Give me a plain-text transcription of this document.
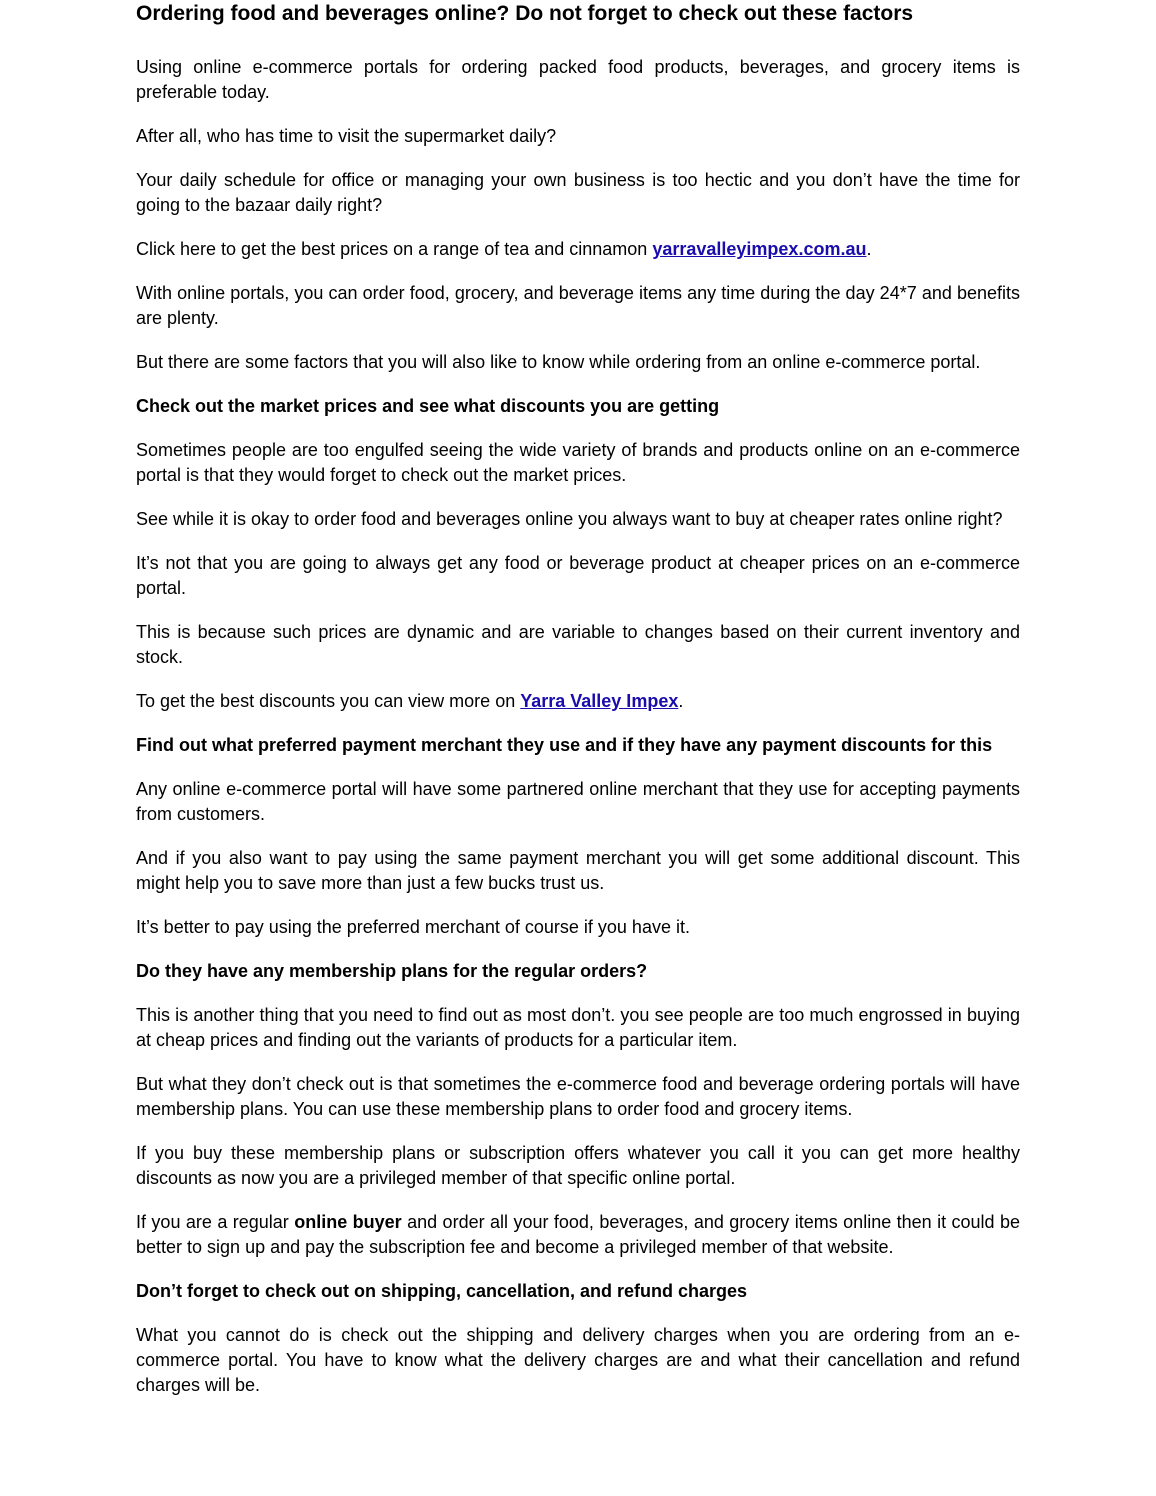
Ordering food and beverages online? Do not forget to check out these factors

Using online e-commerce portals for ordering packed food products, beverages, and grocery items is preferable today.

After all, who has time to visit the supermarket daily?

Your daily schedule for office or managing your own business is too hectic and you don’t have the time for going to the bazaar daily right?

Click here to get the best prices on a range of tea and cinnamon yarravalleyimpex.com.au.

With online portals, you can order food, grocery, and beverage items any time during the day 24*7 and benefits are plenty.

But there are some factors that you will also like to know while ordering from an online e-commerce portal.

Check out the market prices and see what discounts you are getting

Sometimes people are too engulfed seeing the wide variety of brands and products online on an e-commerce portal is that they would forget to check out the market prices.

See while it is okay to order food and beverages online you always want to buy at cheaper rates online right?

It’s not that you are going to always get any food or beverage product at cheaper prices on an e-commerce portal.

This is because such prices are dynamic and are variable to changes based on their current inventory and stock.

To get the best discounts you can view more on Yarra Valley Impex.

Find out what preferred payment merchant they use and if they have any payment discounts for this

Any online e-commerce portal will have some partnered online merchant that they use for accepting payments from customers.

And if you also want to pay using the same payment merchant you will get some additional discount. This might help you to save more than just a few bucks trust us.

It’s better to pay using the preferred merchant of course if you have it.

Do they have any membership plans for the regular orders?

This is another thing that you need to find out as most don’t. you see people are too much engrossed in buying at cheap prices and finding out the variants of products for a particular item.

But what they don’t check out is that sometimes the e-commerce food and beverage ordering portals will have membership plans. You can use these membership plans to order food and grocery items.

If you buy these membership plans or subscription offers whatever you call it you can get more healthy discounts as now you are a privileged member of that specific online portal.

If you are a regular online buyer and order all your food, beverages, and grocery items online then it could be better to sign up and pay the subscription fee and become a privileged member of that website.

Don’t forget to check out on shipping, cancellation, and refund charges

What you cannot do is check out the shipping and delivery charges when you are ordering from an e-commerce portal. You have to know what the delivery charges are and what their cancellation and refund charges will be.
